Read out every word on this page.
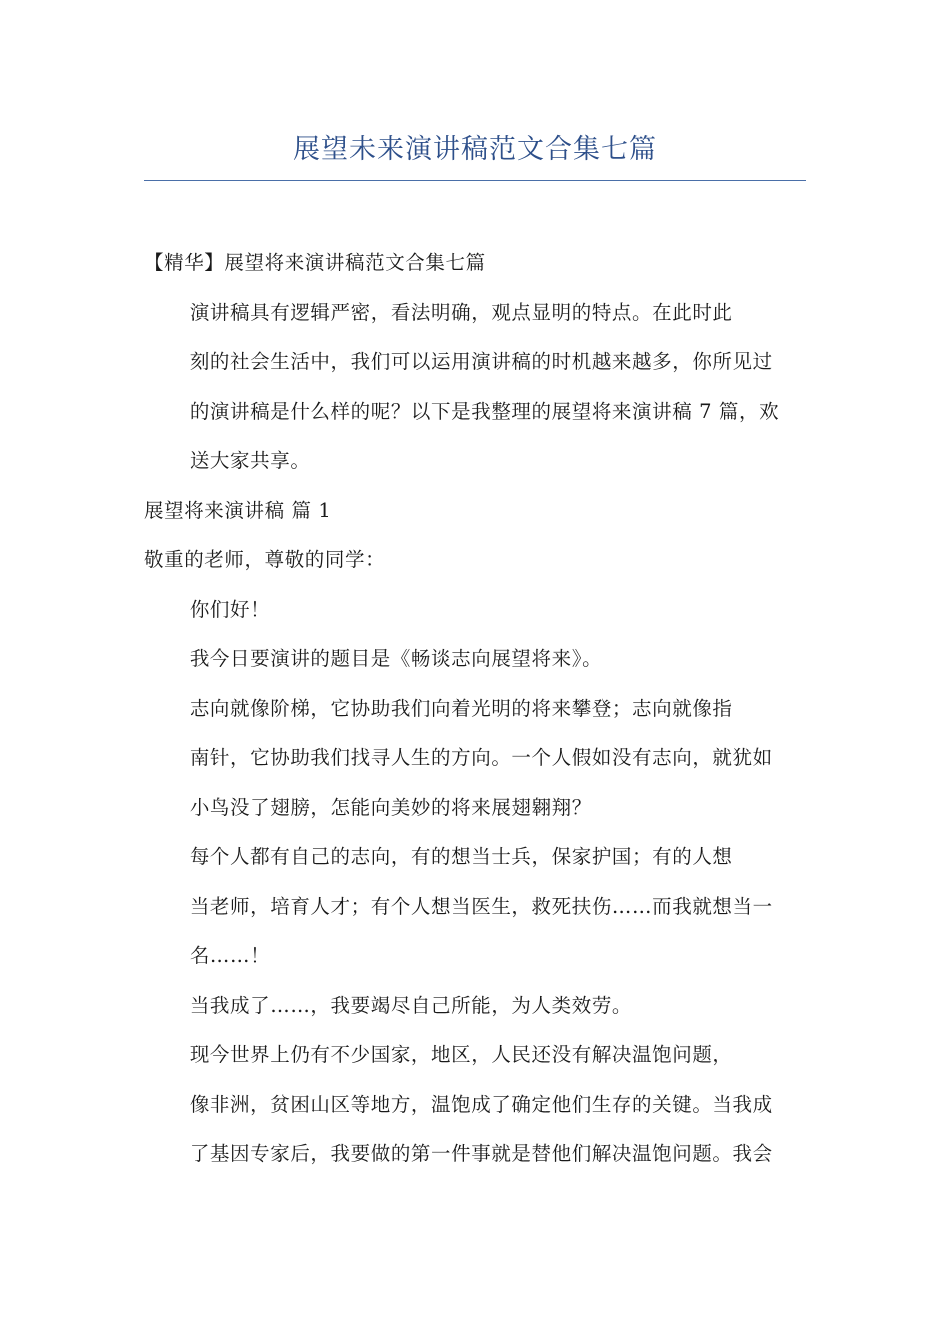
展望未来演讲稿范文合集七篇

【精华】展望将来演讲稿范文合集七篇

演讲稿具有逻辑严密，看法明确，观点显明的特点。在此时此
刻的社会生活中，我们可以运用演讲稿的时机越来越多，你所见过
的演讲稿是什么样的呢？以下是我整理的展望将来演讲稿 7 篇，欢
送大家共享。

展望将来演讲稿 篇 1

敬重的老师，尊敬的同学：

你们好！

我今日要演讲的题目是《畅谈志向展望将来》。

志向就像阶梯，它协助我们向着光明的将来攀登；志向就像指
南针，它协助我们找寻人生的方向。一个人假如没有志向，就犹如
小鸟没了翅膀，怎能向美妙的将来展翅翱翔？

每个人都有自己的志向，有的想当士兵，保家护国；有的人想
当老师，培育人才；有个人想当医生，救死扶伤……而我就想当一
名……！

当我成了……，我要竭尽自己所能，为人类效劳。

现今世界上仍有不少国家，地区，人民还没有解决温饱问题，
像非洲，贫困山区等地方，温饱成了确定他们生存的关键。当我成
了基因专家后，我要做的第一件事就是替他们解决温饱问题。我会
